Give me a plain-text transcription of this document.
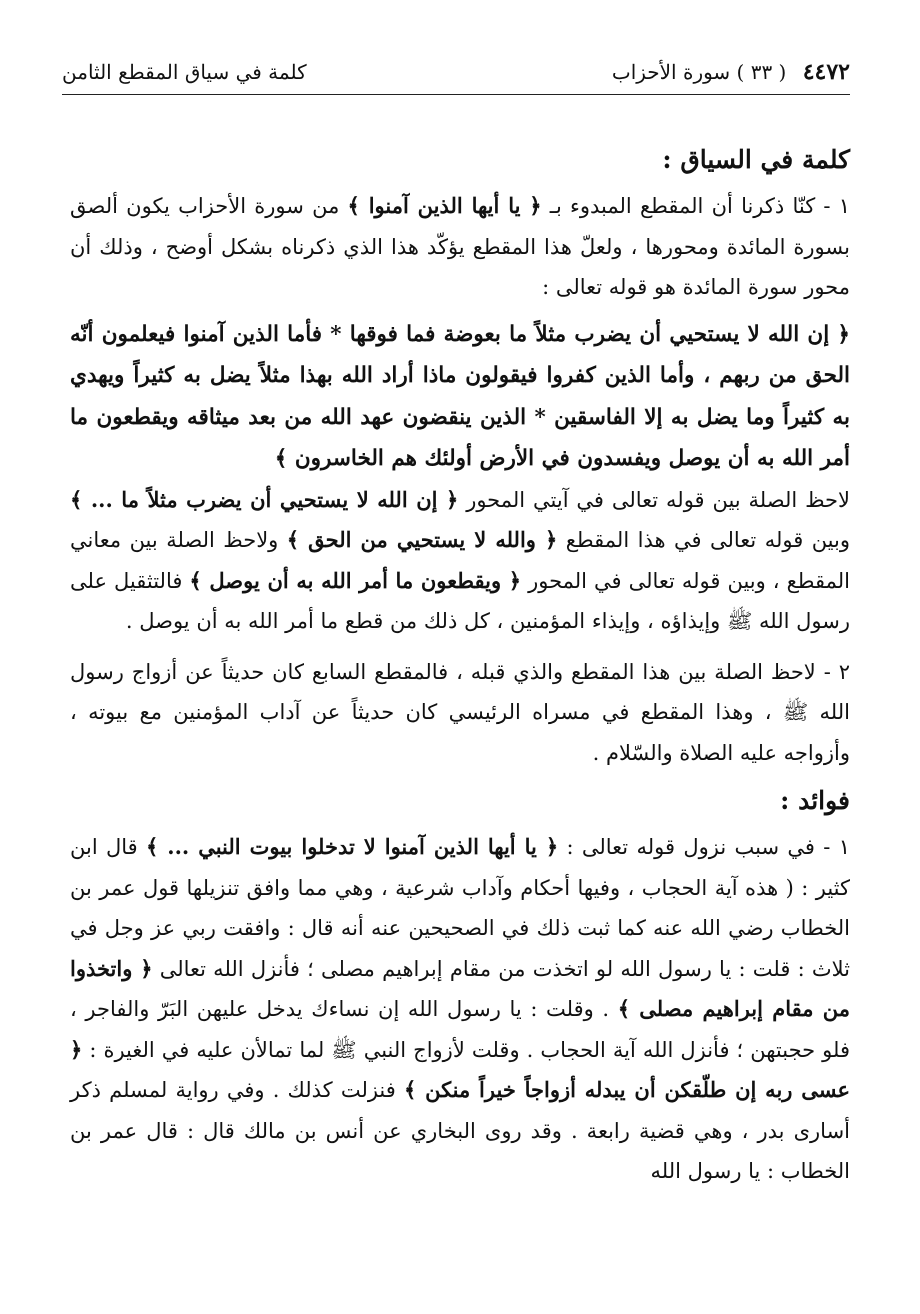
٤٤٧٢ ( ٣٣ ) سورة الأحزاب
كلمة في سياق المقطع الثامن
كلمة في السياق :

١ - كنّا ذكرنا أن المقطع المبدوء بـ ﴿ يا أيها الذين آمنوا ﴾ من سورة الأحزاب يكون ألصق بسورة المائدة ومحورها ، ولعلّ هذا المقطع يؤكّد هذا الذي ذكرناه بشكل أوضح ، وذلك أن محور سورة المائدة هو قوله تعالى :

﴿ إن الله لا يستحيي أن يضرب مثلاً ما بعوضة فما فوقها * فأما الذين آمنوا فيعلمون أنّه الحق من ربهم ، وأما الذين كفروا فيقولون ماذا أراد الله بهذا مثلاً يضل به كثيراً ويهدي به كثيراً وما يضل به إلا الفاسقين * الذين ينقضون عهد الله من بعد ميثاقه ويقطعون ما أمر الله به أن يوصل ويفسدون في الأرض أولئك هم الخاسرون ﴾

لاحظ الصلة بين قوله تعالى في آيتي المحور ﴿ إن الله لا يستحيي أن يضرب مثلاً ما ... ﴾ وبين قوله تعالى في هذا المقطع ﴿ والله لا يستحيي من الحق ﴾ ولاحظ الصلة بين معاني المقطع ، وبين قوله تعالى في المحور ﴿ ويقطعون ما أمر الله به أن يوصل ﴾ فالتثقيل على رسول الله ﷺ وإيذاؤه ، وإيذاء المؤمنين ، كل ذلك من قطع ما أمر الله به أن يوصل .

٢ - لاحظ الصلة بين هذا المقطع والذي قبله ، فالمقطع السابع كان حديثاً عن أزواج رسول الله ﷺ ، وهذا المقطع في مسراه الرئيسي كان حديثاً عن آداب المؤمنين مع بيوته ، وأزواجه عليه الصلاة والسّلام .

فوائد :

١ - في سبب نزول قوله تعالى : ﴿ يا أيها الذين آمنوا لا تدخلوا بيوت النبي ... ﴾ قال ابن كثير : ( هذه آية الحجاب ، وفيها أحكام وآداب شرعية ، وهي مما وافق تنزيلها قول عمر بن الخطاب رضي الله عنه كما ثبت ذلك في الصحيحين عنه أنه قال : وافقت ربي عز وجل في ثلاث : قلت : يا رسول الله لو اتخذت من مقام إبراهيم مصلى ؛ فأنزل الله تعالى ﴿ واتخذوا من مقام إبراهيم مصلى ﴾ . وقلت : يا رسول الله إن نساءك يدخل عليهن البَرّ والفاجر ، فلو حجبتهن ؛ فأنزل الله آية الحجاب . وقلت لأزواج النبي ﷺ لما تمالأن عليه في الغيرة : ﴿ عسى ربه إن طلّقكن أن يبدله أزواجاً خيراً منكن ﴾ فنزلت كذلك . وفي رواية لمسلم ذكر أسارى بدر ، وهي قضية رابعة . وقد روى البخاري عن أنس بن مالك قال : قال عمر بن الخطاب : يا رسول الله
